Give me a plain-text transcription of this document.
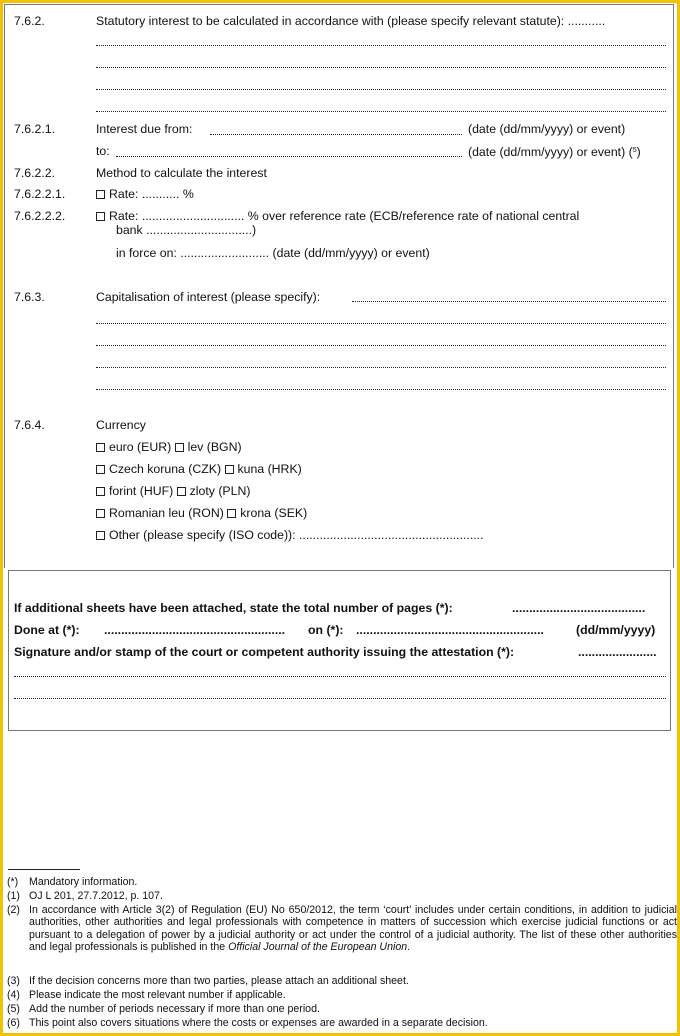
7.6.2.	Statutory interest to be calculated in accordance with (please specify relevant statute): ...........
7.6.2.1.	Interest due from:	(date (dd/mm/yyyy) or event)
to:	(date (dd/mm/yyyy) or event) ($^5$)
7.6.2.2.	Method to calculate the interest
7.6.2.2.1.	Rate: ........... %
7.6.2.2.2.	Rate: .............................. % over reference rate (ECB/reference rate of national central
bank ...............................)
in force on: .......................... (date (dd/mm/yyyy) or event)
7.6.3.	Capitalisation of interest (please specify):
7.6.4.	Currency
euro (EUR) lev (BGN)
Czech koruna (CZK) kuna (HRK)
forint (HUF) zloty (PLN)
Romanian leu (RON) krona (SEK)
Other (please specify (ISO code)): ......................................................
If additional sheets have been attached, state the total number of pages (*):	.......................................
Done at (*): ..................................................... on (*): .......................................................	(dd/mm/yyyy)
Signature and/or stamp of the court or competent authority issuing the attestation (*):	.......................
(*) Mandatory information.
(1) OJ L 201, 27.7.2012, p. 107.
(2) In accordance with Article 3(2) of Regulation (EU) No 650/2012, the term ‘court’ includes under certain conditions, in addition to judicial authorities, other authorities and legal professionals with competence in matters of succession which exercise judicial functions or act pursuant to a delegation of power by a judicial authority or act under the control of a judicial authority. The list of these other authorities and legal professionals is published in the Official Journal of the European Union.
(3) If the decision concerns more than two parties, please attach an additional sheet.
(4) Please indicate the most relevant number if applicable.
(5) Add the number of periods necessary if more than one period.
(6) This point also covers situations where the costs or expenses are awarded in a separate decision.
